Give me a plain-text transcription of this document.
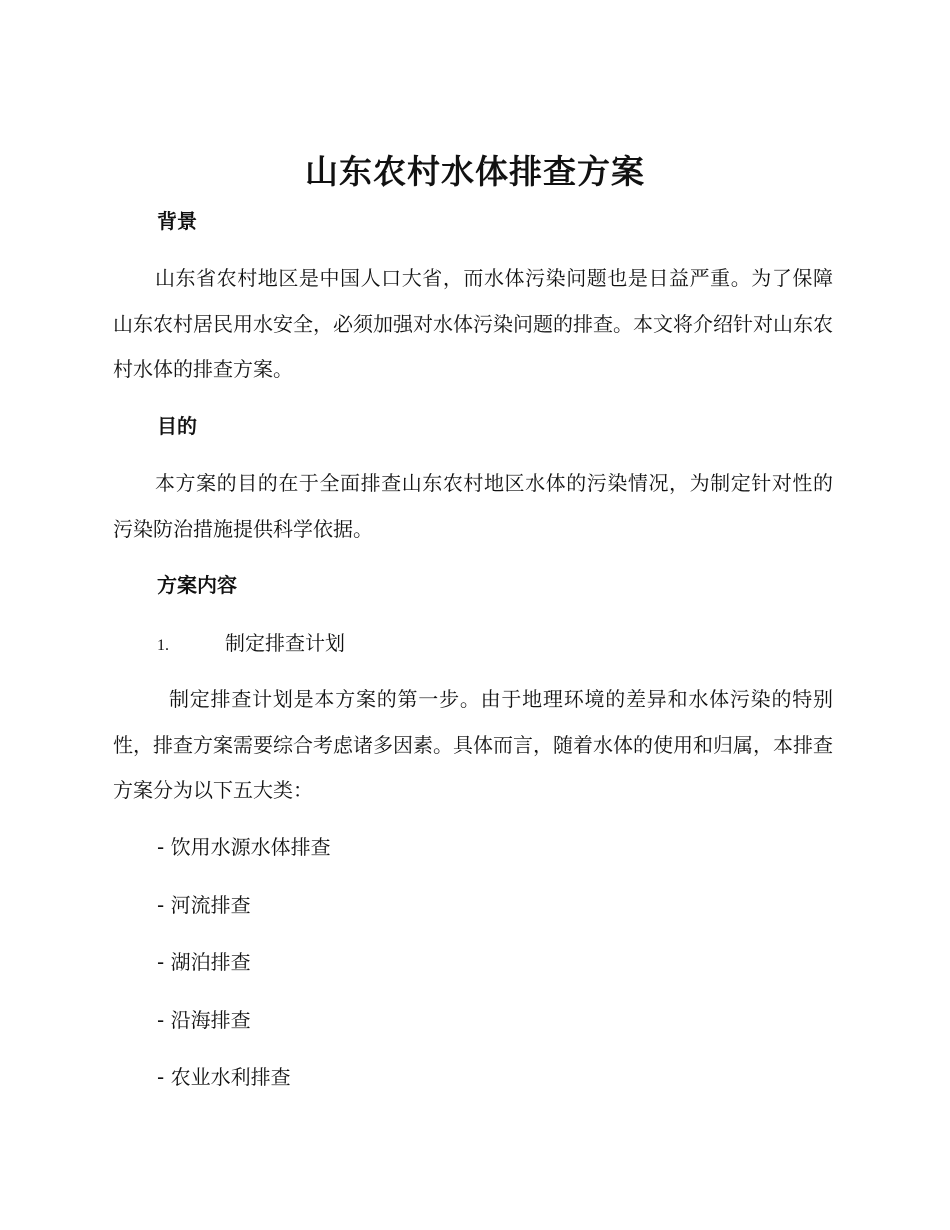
山东农村水体排查方案
背景
山东省农村地区是中国人口大省，而水体污染问题也是日益严重。为了保障山东农村居民用水安全，必须加强对水体污染问题的排查。本文将介绍针对山东农村水体的排查方案。
目的
本方案的目的在于全面排查山东农村地区水体的污染情况，为制定针对性的污染防治措施提供科学依据。
方案内容
1.	制定排查计划
制定排查计划是本方案的第一步。由于地理环境的差异和水体污染的特别性，排查方案需要综合考虑诸多因素。具体而言，随着水体的使用和归属，本排查方案分为以下五大类：
- 饮用水源水体排查
- 河流排查
- 湖泊排查
- 沿海排查
- 农业水利排查
